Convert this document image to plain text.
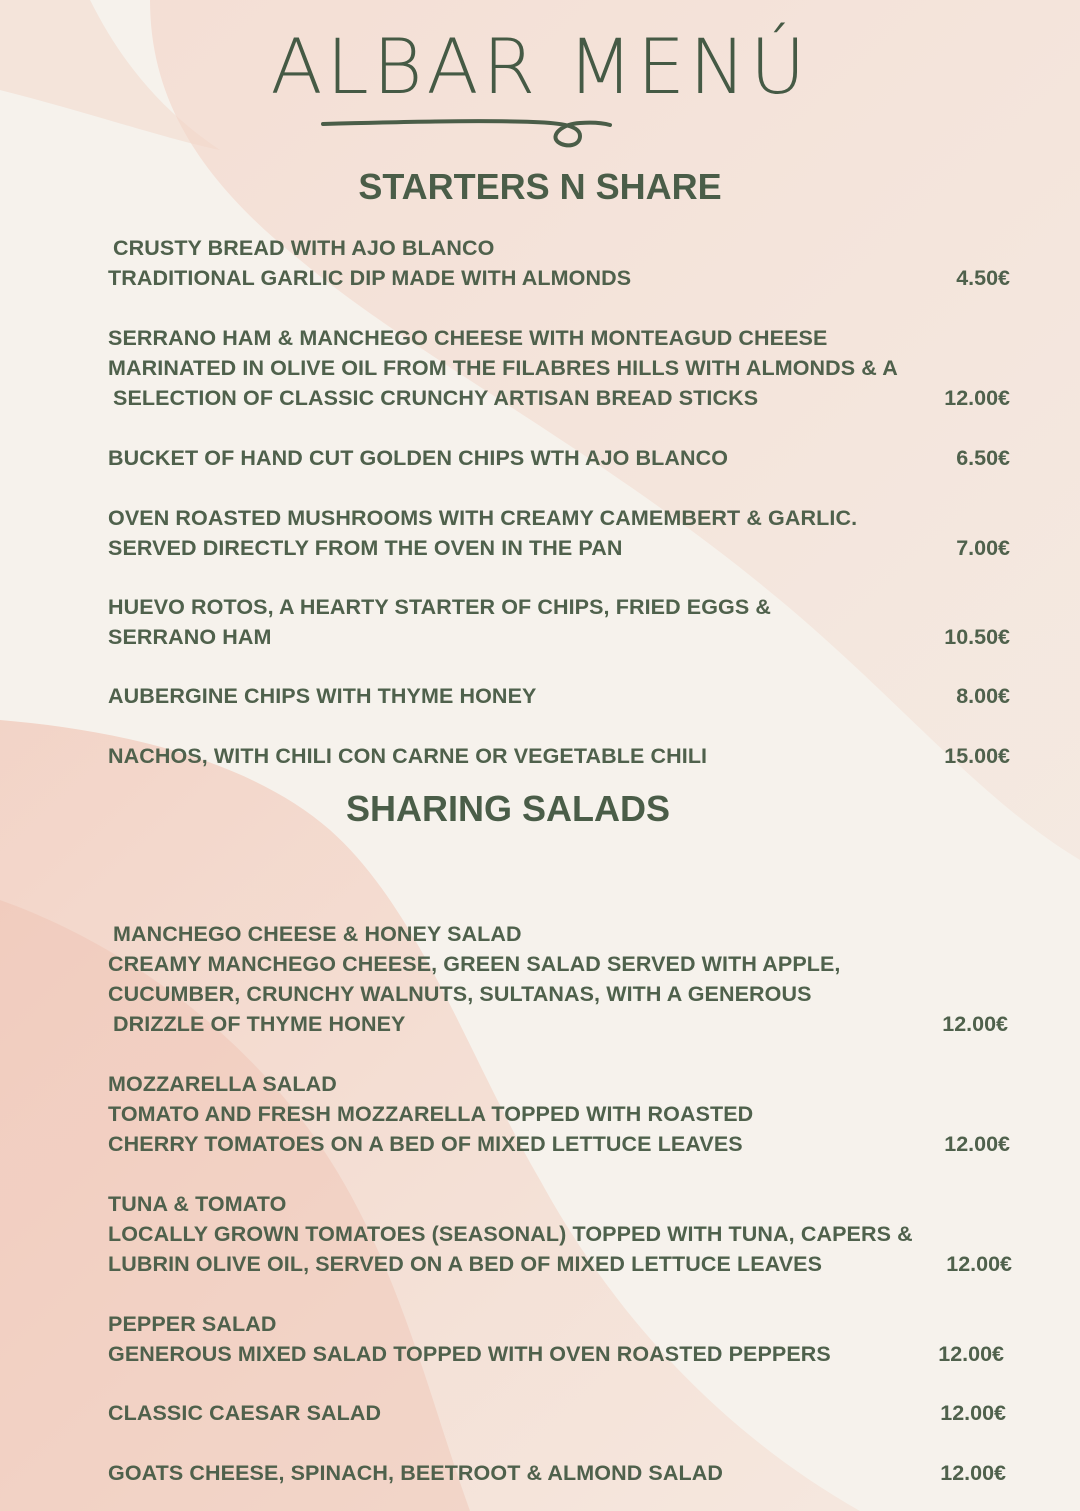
ALBAR MENÚ
STARTERS N SHARE
CRUSTY BREAD WITH AJO BLANCO
TRADITIONAL GARLIC DIP MADE WITH ALMONDS	4.50€
SERRANO HAM & MANCHEGO CHEESE WITH MONTEAGUD CHEESE
MARINATED IN OLIVE OIL FROM THE FILABRES HILLS WITH ALMONDS & A
SELECTION OF CLASSIC CRUNCHY ARTISAN BREAD STICKS	12.00€
BUCKET OF HAND CUT GOLDEN CHIPS WTH AJO BLANCO	6.50€
OVEN ROASTED MUSHROOMS WITH CREAMY CAMEMBERT & GARLIC.
SERVED DIRECTLY FROM THE OVEN IN THE PAN	7.00€
HUEVO ROTOS, A HEARTY STARTER OF CHIPS, FRIED EGGS &
SERRANO HAM	10.50€
AUBERGINE CHIPS WITH THYME HONEY	8.00€
NACHOS, WITH CHILI CON CARNE OR VEGETABLE CHILI	15.00€
SHARING SALADS
MANCHEGO CHEESE & HONEY SALAD
CREAMY MANCHEGO CHEESE, GREEN SALAD SERVED WITH APPLE,
CUCUMBER, CRUNCHY WALNUTS, SULTANAS, WITH A GENEROUS
DRIZZLE OF THYME HONEY	12.00€
MOZZARELLA SALAD
TOMATO AND FRESH MOZZARELLA TOPPED WITH ROASTED
CHERRY TOMATOES ON A BED OF MIXED LETTUCE LEAVES	12.00€
TUNA & TOMATO
LOCALLY GROWN TOMATOES (SEASONAL) TOPPED WITH TUNA, CAPERS &
LUBRIN OLIVE OIL, SERVED ON A BED OF MIXED LETTUCE LEAVES	12.00€
PEPPER SALAD
GENEROUS MIXED SALAD TOPPED WITH OVEN ROASTED PEPPERS	12.00€
CLASSIC CAESAR SALAD	12.00€
GOATS CHEESE, SPINACH, BEETROOT & ALMOND SALAD	12.00€
